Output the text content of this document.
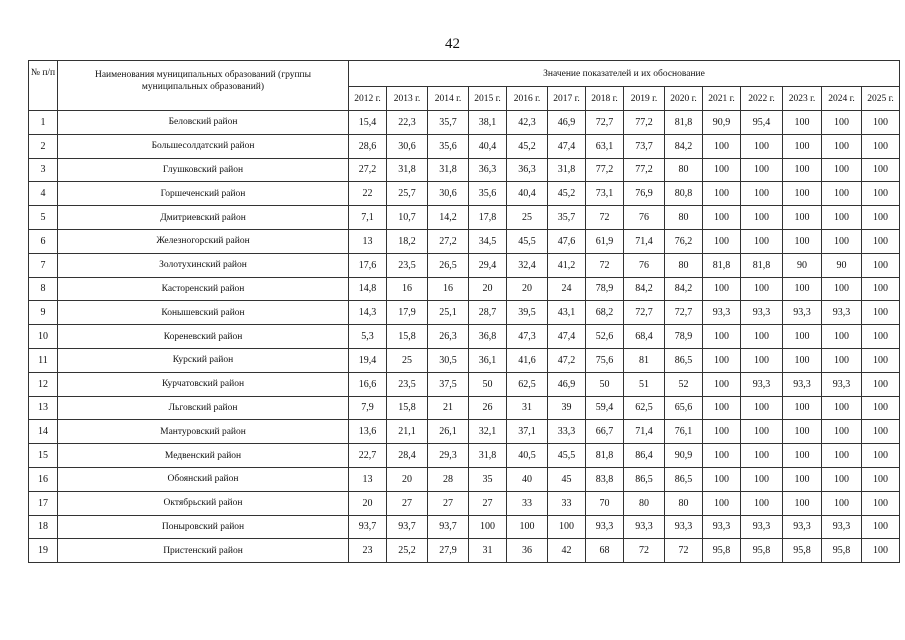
42
№ п/п	Наименования муниципальных образований (группы муниципальных образований)	Значение показателей и их обоснование													
		2012 г.	2013 г.	2014 г.	2015 г.	2016 г.	2017 г.	2018 г.	2019 г.	2020 г.	2021 г.	2022 г.	2023 г.	2024 г.	2025 г.
1	Беловский район	15,4	22,3	35,7	38,1	42,3	46,9	72,7	77,2	81,8	90,9	95,4	100	100	100
2	Большесолдатский район	28,6	30,6	35,6	40,4	45,2	47,4	63,1	73,7	84,2	100	100	100	100	100
3	Глушковский район	27,2	31,8	31,8	36,3	36,3	31,8	77,2	77,2	80	100	100	100	100	100
4	Горшеченский район	22	25,7	30,6	35,6	40,4	45,2	73,1	76,9	80,8	100	100	100	100	100
5	Дмитриевский район	7,1	10,7	14,2	17,8	25	35,7	72	76	80	100	100	100	100	100
6	Железногорский район	13	18,2	27,2	34,5	45,5	47,6	61,9	71,4	76,2	100	100	100	100	100
7	Золотухинский район	17,6	23,5	26,5	29,4	32,4	41,2	72	76	80	81,8	81,8	90	90	100
8	Касторенский район	14,8	16	16	20	20	24	78,9	84,2	84,2	100	100	100	100	100
9	Конышевский район	14,3	17,9	25,1	28,7	39,5	43,1	68,2	72,7	72,7	93,3	93,3	93,3	93,3	100
10	Кореневский район	5,3	15,8	26,3	36,8	47,3	47,4	52,6	68,4	78,9	100	100	100	100	100
11	Курский район	19,4	25	30,5	36,1	41,6	47,2	75,6	81	86,5	100	100	100	100	100
12	Курчатовский район	16,6	23,5	37,5	50	62,5	46,9	50	51	52	100	93,3	93,3	93,3	100
13	Льговский район	7,9	15,8	21	26	31	39	59,4	62,5	65,6	100	100	100	100	100
14	Мантуровский район	13,6	21,1	26,1	32,1	37,1	33,3	66,7	71,4	76,1	100	100	100	100	100
15	Медвенский район	22,7	28,4	29,3	31,8	40,5	45,5	81,8	86,4	90,9	100	100	100	100	100
16	Обоянский район	13	20	28	35	40	45	83,8	86,5	86,5	100	100	100	100	100
17	Октябрьский район	20	27	27	27	33	33	70	80	80	100	100	100	100	100
18	Поныровский район	93,7	93,7	93,7	100	100	100	93,3	93,3	93,3	93,3	93,3	93,3	93,3	100
19	Пристенский район	23	25,2	27,9	31	36	42	68	72	72	95,8	95,8	95,8	95,8	100
